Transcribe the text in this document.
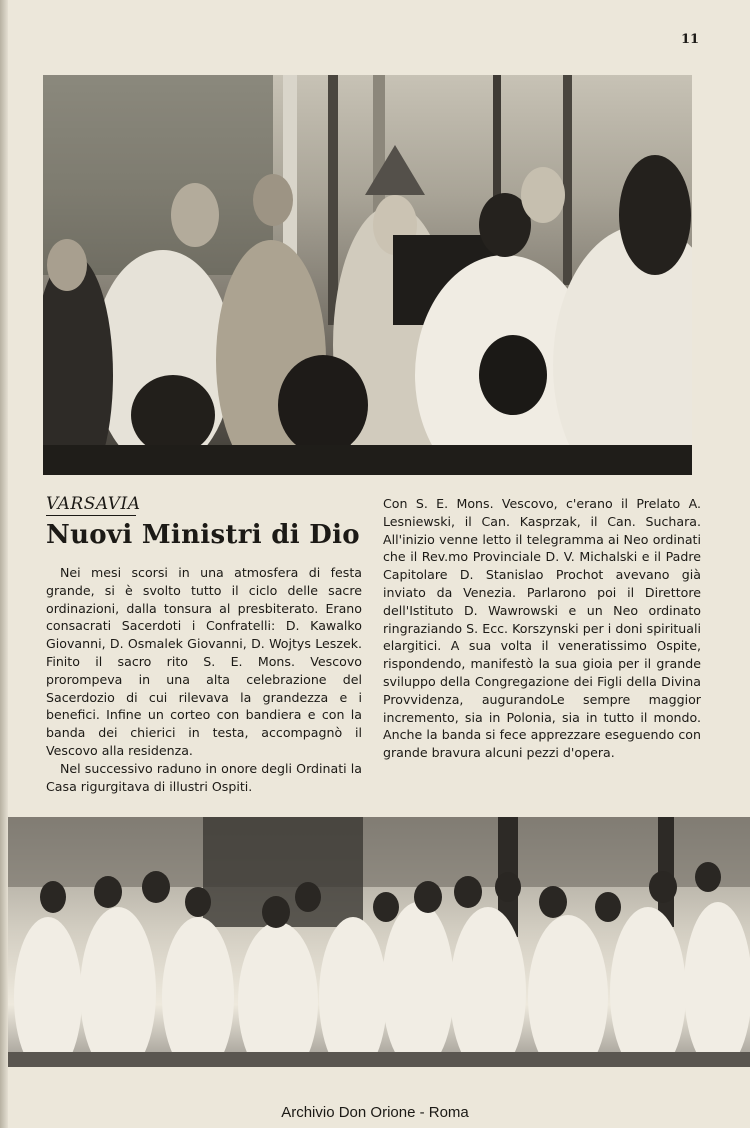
11
VARSAVIA
Nuovi Ministri di Dio

Nei mesi scorsi in una atmosfera di festa grande, si è svolto tutto il ciclo delle sacre ordinazioni, dalla tonsura al presbiterato. Erano consacrati Sacerdoti i Confratelli: D. Kawalko Giovanni, D. Osmalek Giovanni, D. Wojtys Leszek. Finito il sacro rito S. E. Mons. Vescovo prorompeva in una alta celebrazione del Sacerdozio di cui rilevava la grandezza e i benefici. Infine un corteo con bandiera e con la banda dei chierici in testa, accompagnò il Vescovo alla residenza.

Nel successivo raduno in onore degli Ordinati la Casa rigurgitava di illustri Ospiti.

Con S. E. Mons. Vescovo, c'erano il Prelato A. Lesniewski, il Can. Kasprzak, il Can. Suchara. All'inizio venne letto il telegramma ai Neo ordinati che il Rev.mo Provinciale D. V. Michalski e il Padre Capitolare D. Stanislao Prochot avevano già inviato da Venezia. Parlarono poi il Direttore dell'Istituto D. Wawrowski e un Neo ordinato ringraziando S. Ecc. Korszynski per i doni spirituali elargitici. A sua volta il veneratissimo Ospite, rispondendo, manifestò la sua gioia per il grande sviluppo della Congregazione dei Figli della Divina Provvidenza, augurandoLe sempre maggior incremento, sia in Polonia, sia in tutto il mondo. Anche la banda si fece apprezzare eseguendo con grande bravura alcuni pezzi d'opera.

Archivio Don Orione - Roma
